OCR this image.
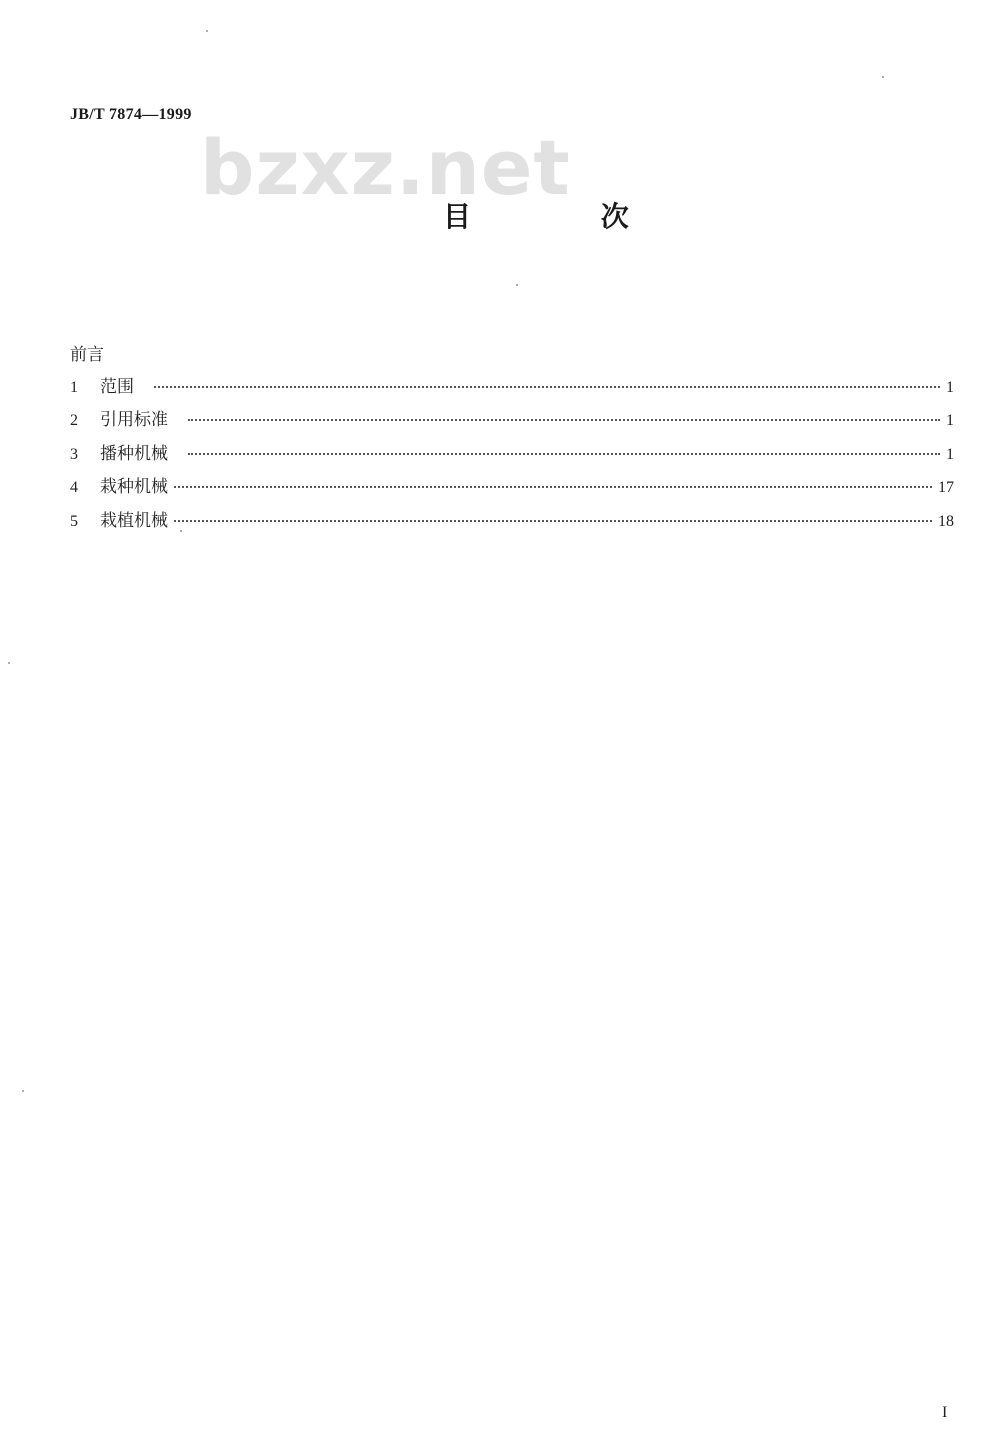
JB/T 7874—1999
bzxz.net
目 次
前言
1	范围	1
2	引用标准	1
3	播种机械	1
4	栽种机械	17
5	栽植机械	18
I
